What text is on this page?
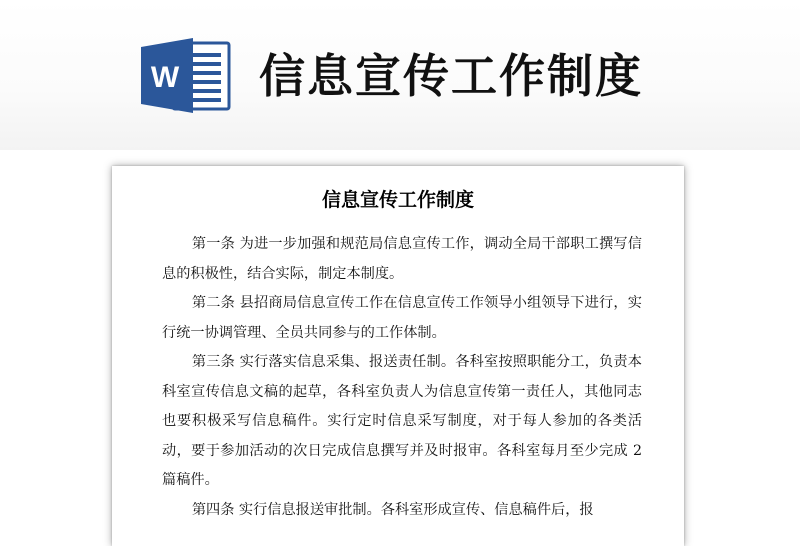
W 信息宣传工作制度
信息宣传工作制度

第一条 为进一步加强和规范局信息宣传工作，调动全局干部职工撰写信息的积极性，结合实际，制定本制度。

第二条 县招商局信息宣传工作在信息宣传工作领导小组领导下进行，实行统一协调管理、全员共同参与的工作体制。

第三条 实行落实信息采集、报送责任制。各科室按照职能分工，负责本科室宣传信息文稿的起草，各科室负责人为信息宣传第一责任人，其他同志也要积极采写信息稿件。实行定时信息采写制度，对于每人参加的各类活动，要于参加活动的次日完成信息撰写并及时报审。各科室每月至少完成 2 篇稿件。

第四条 实行信息报送审批制。各科室形成宣传、信息稿件后，报
